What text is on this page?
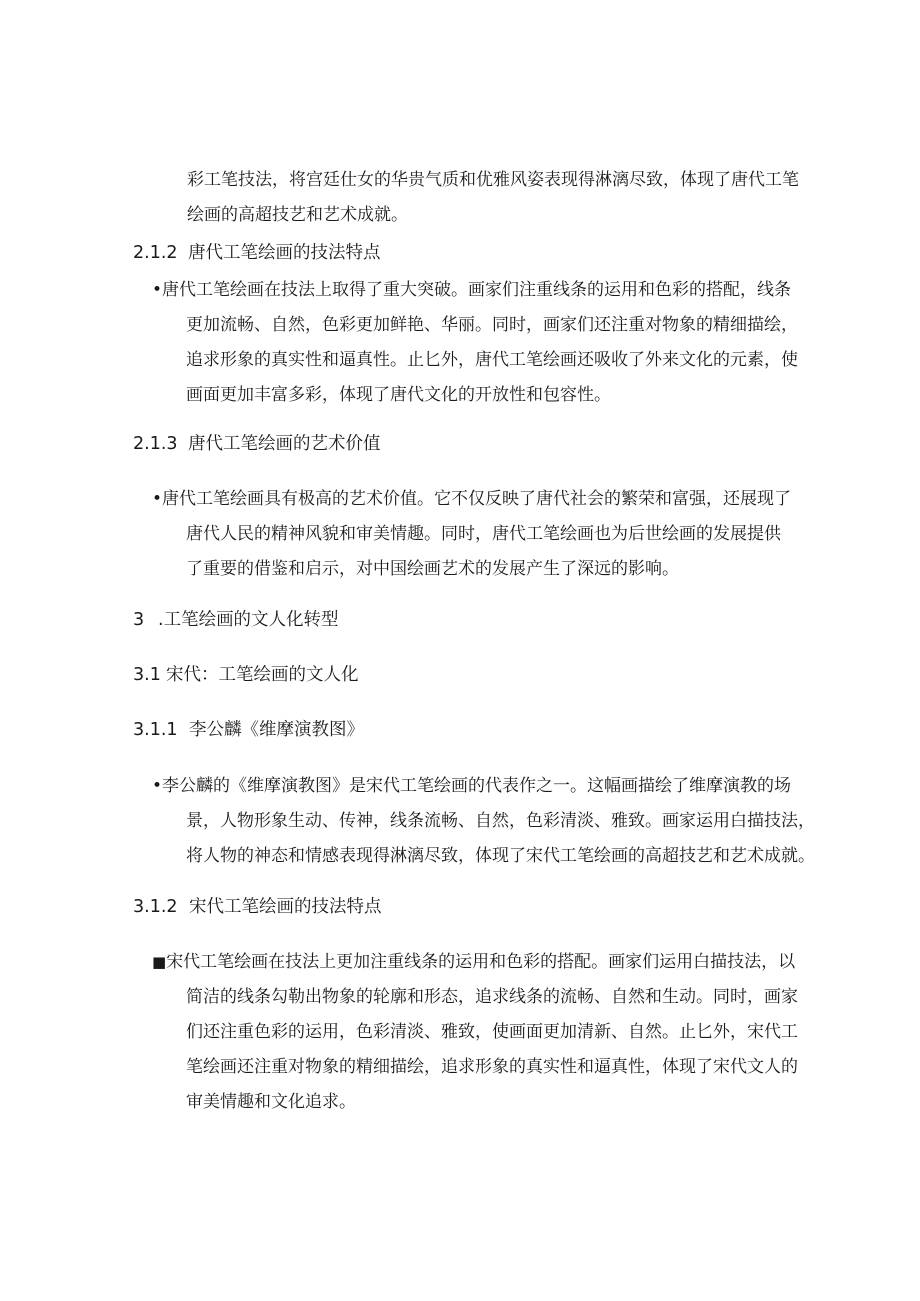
彩工笔技法，将宫廷仕女的华贵气质和优雅风姿表现得淋漓尽致，体现了唐代工笔
绘画的高超技艺和艺术成就。
2.1.2 唐代工笔绘画的技法特点
•唐代工笔绘画在技法上取得了重大突破。画家们注重线条的运用和色彩的搭配，线条
更加流畅、自然，色彩更加鲜艳、华丽。同时，画家们还注重对物象的精细描绘，
追求形象的真实性和逼真性。止匕外，唐代工笔绘画还吸收了外来文化的元素，使
画面更加丰富多彩，体现了唐代文化的开放性和包容性。
2.1.3 唐代工笔绘画的艺术价值
•唐代工笔绘画具有极高的艺术价值。它不仅反映了唐代社会的繁荣和富强，还展现了
唐代人民的精神风貌和审美情趣。同时，唐代工笔绘画也为后世绘画的发展提供
了重要的借鉴和启示，对中国绘画艺术的发展产生了深远的影响。
3 .工笔绘画的文人化转型
3.1 宋代：工笔绘画的文人化
3.1.1 李公麟《维摩演教图》
•李公麟的《维摩演教图》是宋代工笔绘画的代表作之一。这幅画描绘了维摩演教的场
景，人物形象生动、传神，线条流畅、自然，色彩清淡、雅致。画家运用白描技法，
将人物的神态和情感表现得淋漓尽致，体现了宋代工笔绘画的高超技艺和艺术成就。
3.1.2 宋代工笔绘画的技法特点
■宋代工笔绘画在技法上更加注重线条的运用和色彩的搭配。画家们运用白描技法，以
简洁的线条勾勒出物象的轮廓和形态，追求线条的流畅、自然和生动。同时，画家
们还注重色彩的运用，色彩清淡、雅致，使画面更加清新、自然。止匕外，宋代工
笔绘画还注重对物象的精细描绘，追求形象的真实性和逼真性，体现了宋代文人的
审美情趣和文化追求。
